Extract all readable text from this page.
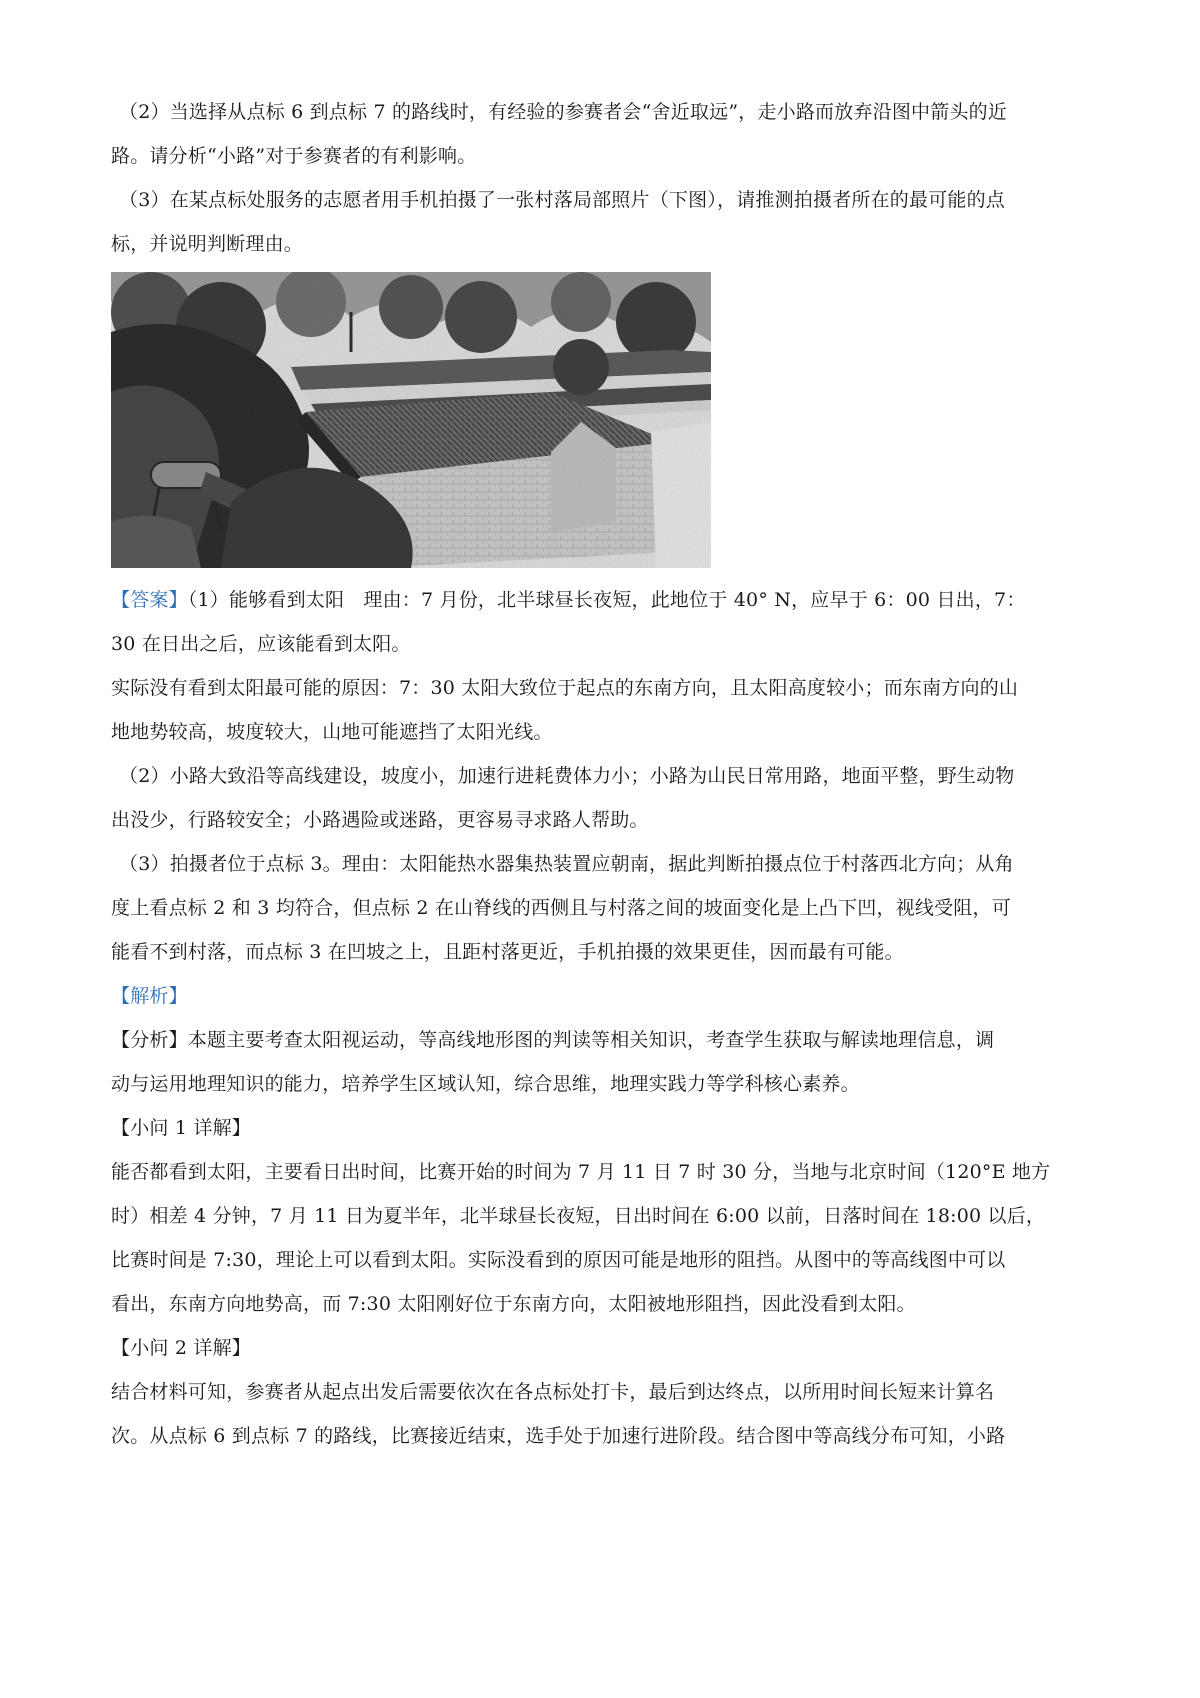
（2）当选择从点标 6 到点标 7 的路线时，有经验的参赛者会“舍近取远”，走小路而放弃沿图中箭头的近

路。请分析“小路”对于参赛者的有利影响。

（3）在某点标处服务的志愿者用手机拍摄了一张村落局部照片（下图），请推测拍摄者所在的最可能的点

标，并说明判断理由。

【答案】（1）能够看到太阳　理由：7 月份，北半球昼长夜短，此地位于 40° N，应早于 6：00 日出，7：

30 在日出之后，应该能看到太阳。

实际没有看到太阳最可能的原因：7：30 太阳大致位于起点的东南方向，且太阳高度较小；而东南方向的山

地地势较高，坡度较大，山地可能遮挡了太阳光线。

（2）小路大致沿等高线建设，坡度小，加速行进耗费体力小；小路为山民日常用路，地面平整，野生动物

出没少，行路较安全；小路遇险或迷路，更容易寻求路人帮助。

（3）拍摄者位于点标 3。理由：太阳能热水器集热装置应朝南，据此判断拍摄点位于村落西北方向；从角

度上看点标 2 和 3 均符合，但点标 2 在山脊线的西侧且与村落之间的坡面变化是上凸下凹，视线受阻，可

能看不到村落，而点标 3 在凹坡之上，且距村落更近，手机拍摄的效果更佳，因而最有可能。

【解析】

【分析】本题主要考查太阳视运动，等高线地形图的判读等相关知识，考查学生获取与解读地理信息，调

动与运用地理知识的能力，培养学生区域认知，综合思维，地理实践力等学科核心素养。

【小问 1 详解】

能否都看到太阳，主要看日出时间，比赛开始的时间为 7 月 11 日 7 时 30 分，当地与北京时间（120°E 地方

时）相差 4 分钟，7 月 11 日为夏半年，北半球昼长夜短，日出时间在 6:00 以前，日落时间在 18:00 以后，

比赛时间是 7:30，理论上可以看到太阳。实际没看到的原因可能是地形的阻挡。从图中的等高线图中可以

看出，东南方向地势高，而 7:30 太阳刚好位于东南方向，太阳被地形阻挡，因此没看到太阳。

【小问 2 详解】

结合材料可知，参赛者从起点出发后需要依次在各点标处打卡，最后到达终点，以所用时间长短来计算名

次。从点标 6 到点标 7 的路线，比赛接近结束，选手处于加速行进阶段。结合图中等高线分布可知，小路
